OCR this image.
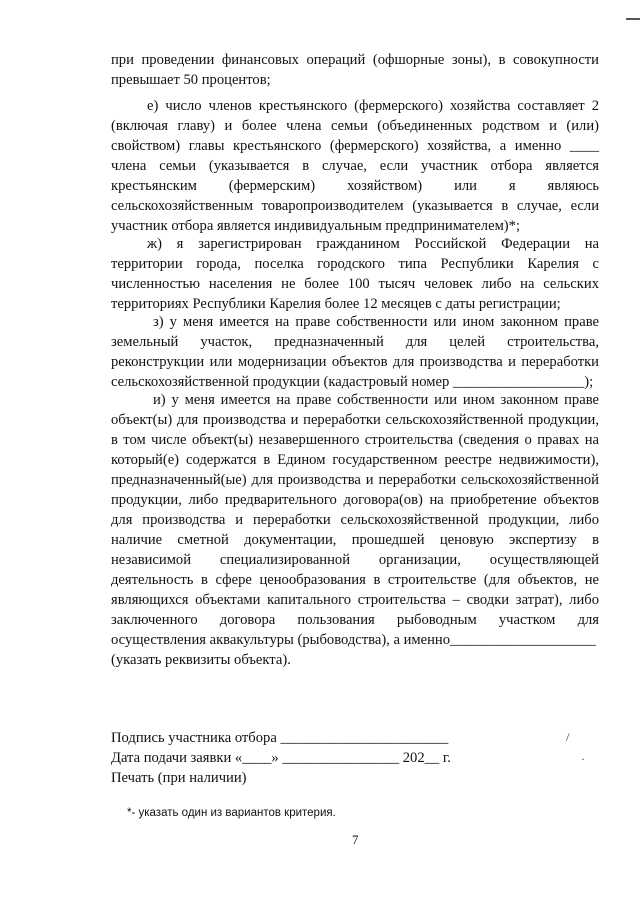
при проведении финансовых операций (офшорные зоны), в совокупности
превышает 50 процентов;
е) число членов крестьянского (фермерского) хозяйства составляет 2
(включая главу) и более члена семьи (объединенных родством и (или)
свойством) главы крестьянского (фермерского) хозяйства, а именно ____
члена семьи (указывается в случае, если участник отбора является
крестьянским (фермерским) хозяйством) или я являюсь
сельскохозяйственным товаропроизводителем (указывается в случае, если
участник отбора является индивидуальным предпринимателем)*;
ж) я зарегистрирован гражданином Российской Федерации на
территории города, поселка городского типа Республики Карелия с
численностью населения не более 100 тысяч человек либо на сельских
территориях Республики Карелия более 12 месяцев с даты регистрации;
з) у меня имеется на праве собственности или ином законном праве
земельный участок, предназначенный для целей строительства,
реконструкции или модернизации объектов для производства и переработки
сельскохозяйственной продукции (кадастровый номер __________________);
и) у меня имеется на праве собственности или ином законном праве
объект(ы) для производства и переработки сельскохозяйственной продукции,
в том числе объект(ы) незавершенного строительства (сведения о правах на
который(е) содержатся в Едином государственном реестре недвижимости),
предназначенный(ые) для производства и переработки сельскохозяйственной
продукции, либо предварительного договора(ов) на приобретение объектов
для производства и переработки сельскохозяйственной продукции, либо
наличие сметной документации, прошедшей ценовую экспертизу в
независимой специализированной организации, осуществляющей
деятельность в сфере ценообразования в строительстве (для объектов, не
являющихся объектами капитального строительства – сводки затрат), либо
заключенного договора пользования рыбоводным участком для
осуществления аквакультуры (рыбоводства), а именно____________________
(указать реквизиты объекта).
Подпись участника отбора _______________________
Дата подачи заявки «____» ________________ 202__ г.
Печать (при наличии)
/
·
*- указать один из вариантов критерия.
7
